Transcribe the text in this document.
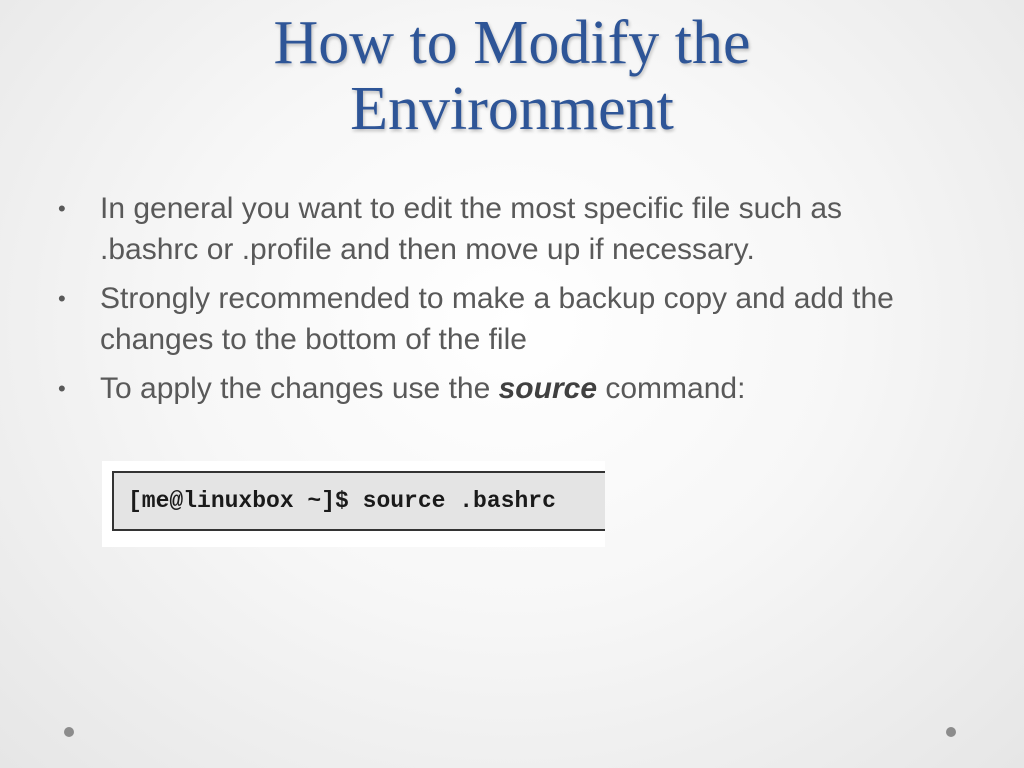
How to Modify the
Environment
• In general you want to edit the most specific file such as .bashrc or .profile and then move up if necessary.
• Strongly recommended to make a backup copy and add the changes to the bottom of the file
• To apply the changes use the source command:
[me@linuxbox ~]$ source .bashrc
